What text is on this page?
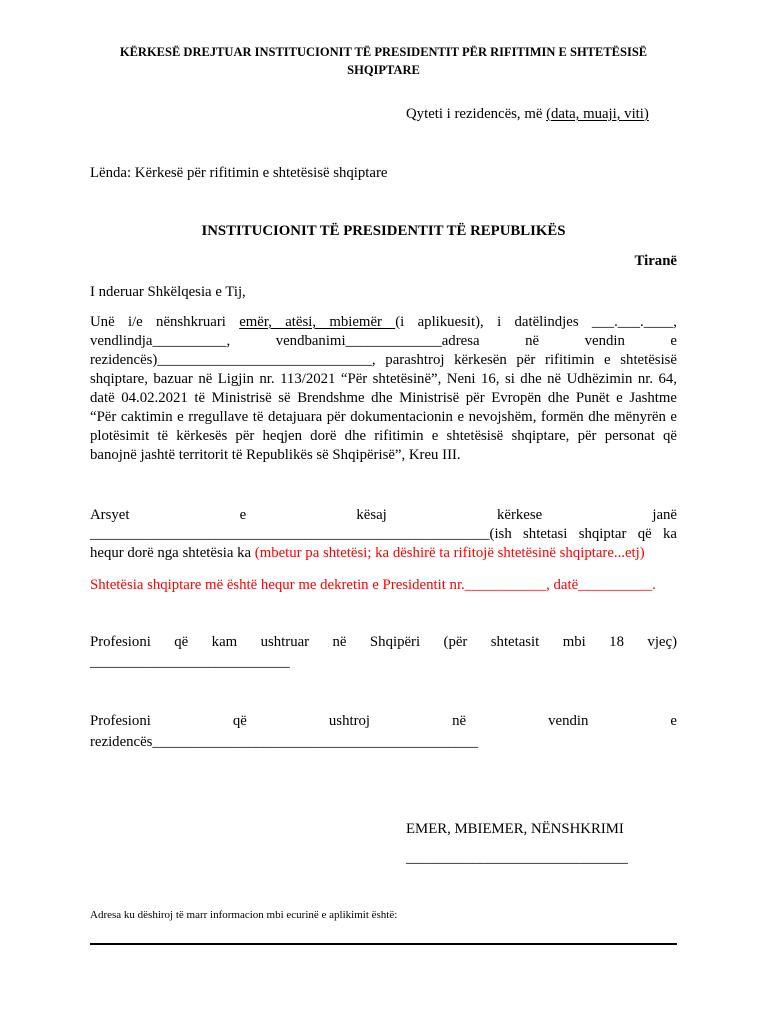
KËRKESË DREJTUAR INSTITUCIONIT TË PRESIDENTIT PËR RIFITIMIN E SHTETËSISË
SHQIPTARE
Qyteti i rezidencës, më (data, muaji, viti)
Lënda: Kërkesë për rifitimin e shtetësisë shqiptare
INSTITUCIONIT TË PRESIDENTIT TË REPUBLIKËS
Tiranë
I nderuar Shkëlqesia e Tij,
Unë i/e nënshkruari emër, atësi, mbiemër (i aplikuesit), i datëlindjes ___.___.____,
vendlindja__________, vendbanimi_____________adresa në vendin e
rezidencës)_____________________________, parashtroj kërkesën për rifitimin e shtetësisë
shqiptare, bazuar në Ligjin nr. 113/2021 “Për shtetësinë”, Neni 16, si dhe në Udhëzimin nr. 64,
datë 04.02.2021 të Ministrisë së Brendshme dhe Ministrisë për Evropën dhe Punët e Jashtme
“Për caktimin e rregullave të detajuara për dokumentacionin e nevojshëm, formën dhe mënyrën e
plotësimit të kërkesës për heqjen dorë dhe rifitimin e shtetësisë shqiptare, për personat që
banojnë jashtë territorit të Republikës së Shqipërisë”, Kreu III.
Arsyet e kësaj kërkese janë
______________________________________________________(ish shtetasi shqiptar që ka
hequr dorë nga shtetësia ka (mbetur pa shtetësi; ka dëshirë ta rifitojë shtetësinë shqiptare...etj)
Shtetësia shqiptare më është hequr me dekretin e Presidentit nr.___________, datë__________.
Profesioni që kam ushtruar në Shqipëri (për shtetasit mbi 18 vjeç)
___________________________
Profesioni që ushtroj në vendin e
rezidencës____________________________________________
EMER, MBIEMER, NËNSHKRIMI
______________________________
Adresa ku dëshiroj të marr informacion mbi ecurinë e aplikimit është:
